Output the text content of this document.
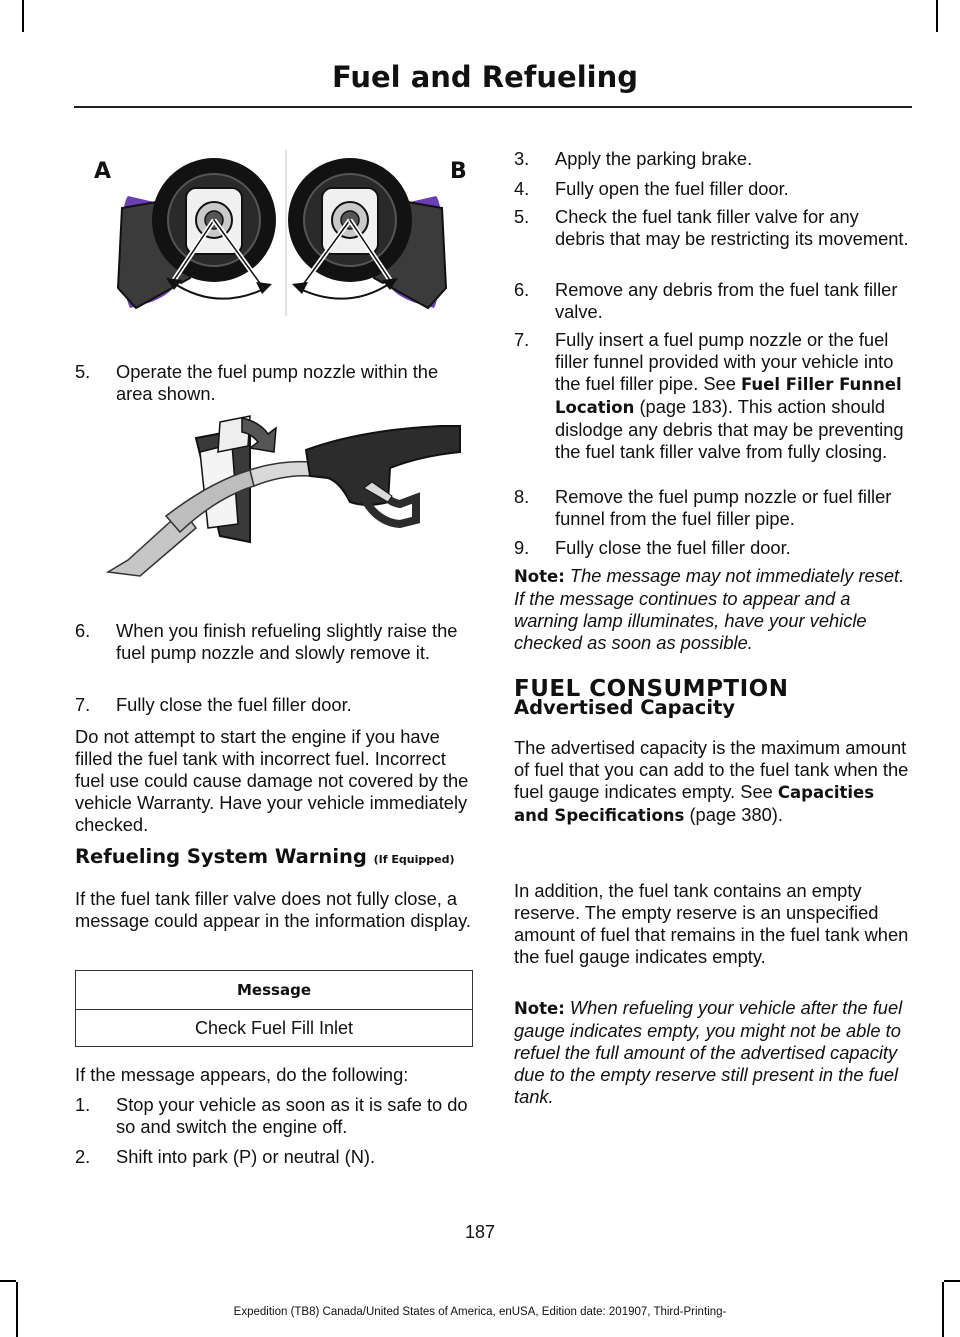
Fuel and Refueling
A	B
5. Operate the fuel pump nozzle within the area shown.
6. When you finish refueling slightly raise the fuel pump nozzle and slowly remove it.
7. Fully close the fuel filler door.
Do not attempt to start the engine if you have filled the fuel tank with incorrect fuel. Incorrect fuel use could cause damage not covered by the vehicle Warranty. Have your vehicle immediately checked.
Refueling System Warning (If Equipped)
If the fuel tank filler valve does not fully close, a message could appear in the information display.
Message
Check Fuel Fill Inlet
If the message appears, do the following:
1. Stop your vehicle as soon as it is safe to do so and switch the engine off.
2. Shift into park (P) or neutral (N).
3. Apply the parking brake.
4. Fully open the fuel filler door.
5. Check the fuel tank filler valve for any debris that may be restricting its movement.
6. Remove any debris from the fuel tank filler valve.
7. Fully insert a fuel pump nozzle or the fuel filler funnel provided with your vehicle into the fuel filler pipe. See Fuel Filler Funnel Location (page 183). This action should dislodge any debris that may be preventing the fuel tank filler valve from fully closing.
8. Remove the fuel pump nozzle or fuel filler funnel from the fuel filler pipe.
9. Fully close the fuel filler door.
Note: The message may not immediately reset. If the message continues to appear and a warning lamp illuminates, have your vehicle checked as soon as possible.
FUEL CONSUMPTION
Advertised Capacity
The advertised capacity is the maximum amount of fuel that you can add to the fuel tank when the fuel gauge indicates empty. See Capacities and Specifications (page 380).
In addition, the fuel tank contains an empty reserve. The empty reserve is an unspecified amount of fuel that remains in the fuel tank when the fuel gauge indicates empty.
Note: When refueling your vehicle after the fuel gauge indicates empty, you might not be able to refuel the full amount of the advertised capacity due to the empty reserve still present in the fuel tank.
187
Expedition (TB8) Canada/United States of America, enUSA, Edition date: 201907, Third-Printing-
